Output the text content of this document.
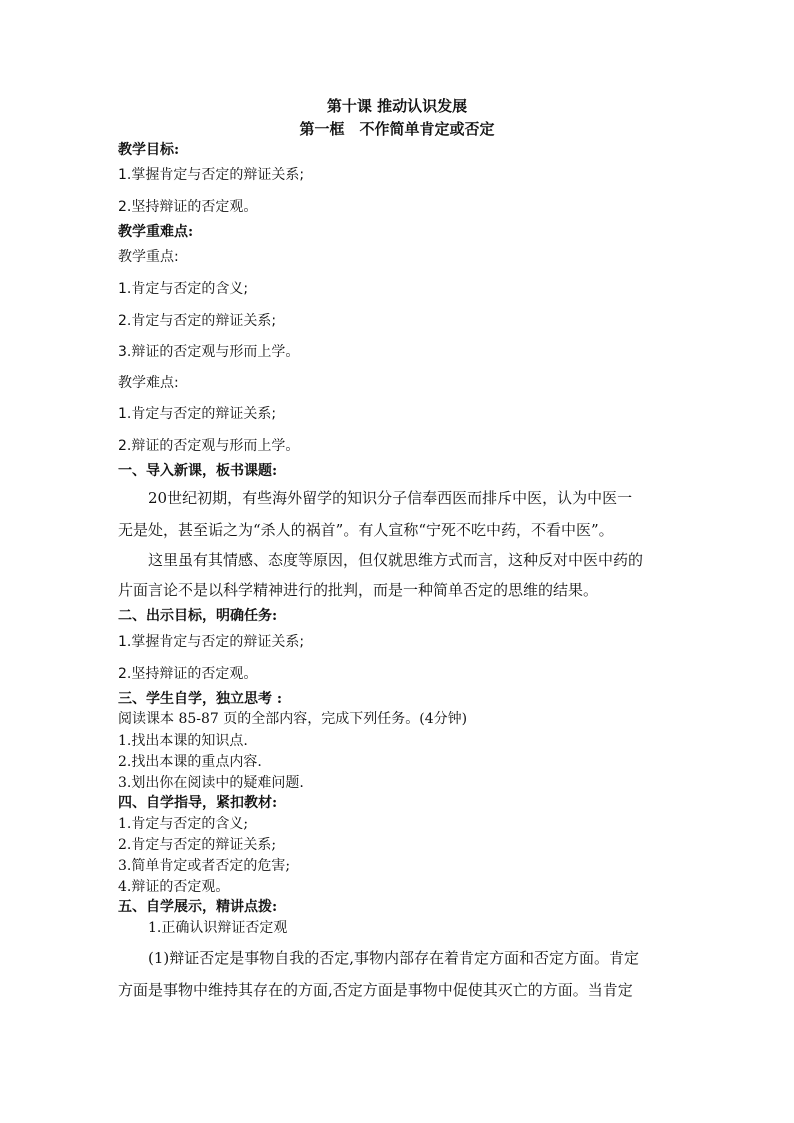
第十课 推动认识发展
第一框　不作简单肯定或否定
教学目标:
1.掌握肯定与否定的辩证关系;
2.坚持辩证的否定观。
教学重难点:
教学重点:
1.肯定与否定的含义;
2.肯定与否定的辩证关系;
3.辩证的否定观与形而上学。
教学难点:
1.肯定与否定的辩证关系;
2.辩证的否定观与形而上学。
一、导入新课，板书课题:
20世纪初期，有些海外留学的知识分子信奉西医而排斥中医，认为中医一
无是处，甚至诟之为“杀人的祸首”。有人宣称“宁死不吃中药，不看中医”。
这里虽有其情感、态度等原因，但仅就思维方式而言，这种反对中医中药的
片面言论不是以科学精神进行的批判，而是一种简单否定的思维的结果。
二、出示目标，明确任务:
1.掌握肯定与否定的辩证关系;
2.坚持辩证的否定观。
三、学生自学，独立思考 :
阅读课本 85-87 页的全部内容，完成下列任务。(4分钟)
1.找出本课的知识点.
2.找出本课的重点内容.
3.划出你在阅读中的疑难问题.
四、自学指导，紧扣教材:
1.肯定与否定的含义;
2.肯定与否定的辩证关系;
3.简单肯定或者否定的危害;
4.辩证的否定观。
五、自学展示，精讲点拨:
1.正确认识辩证否定观
(1)辩证否定是事物自我的否定,事物内部存在着肯定方面和否定方面。肯定
方面是事物中维持其存在的方面,否定方面是事物中促使其灭亡的方面。当肯定
